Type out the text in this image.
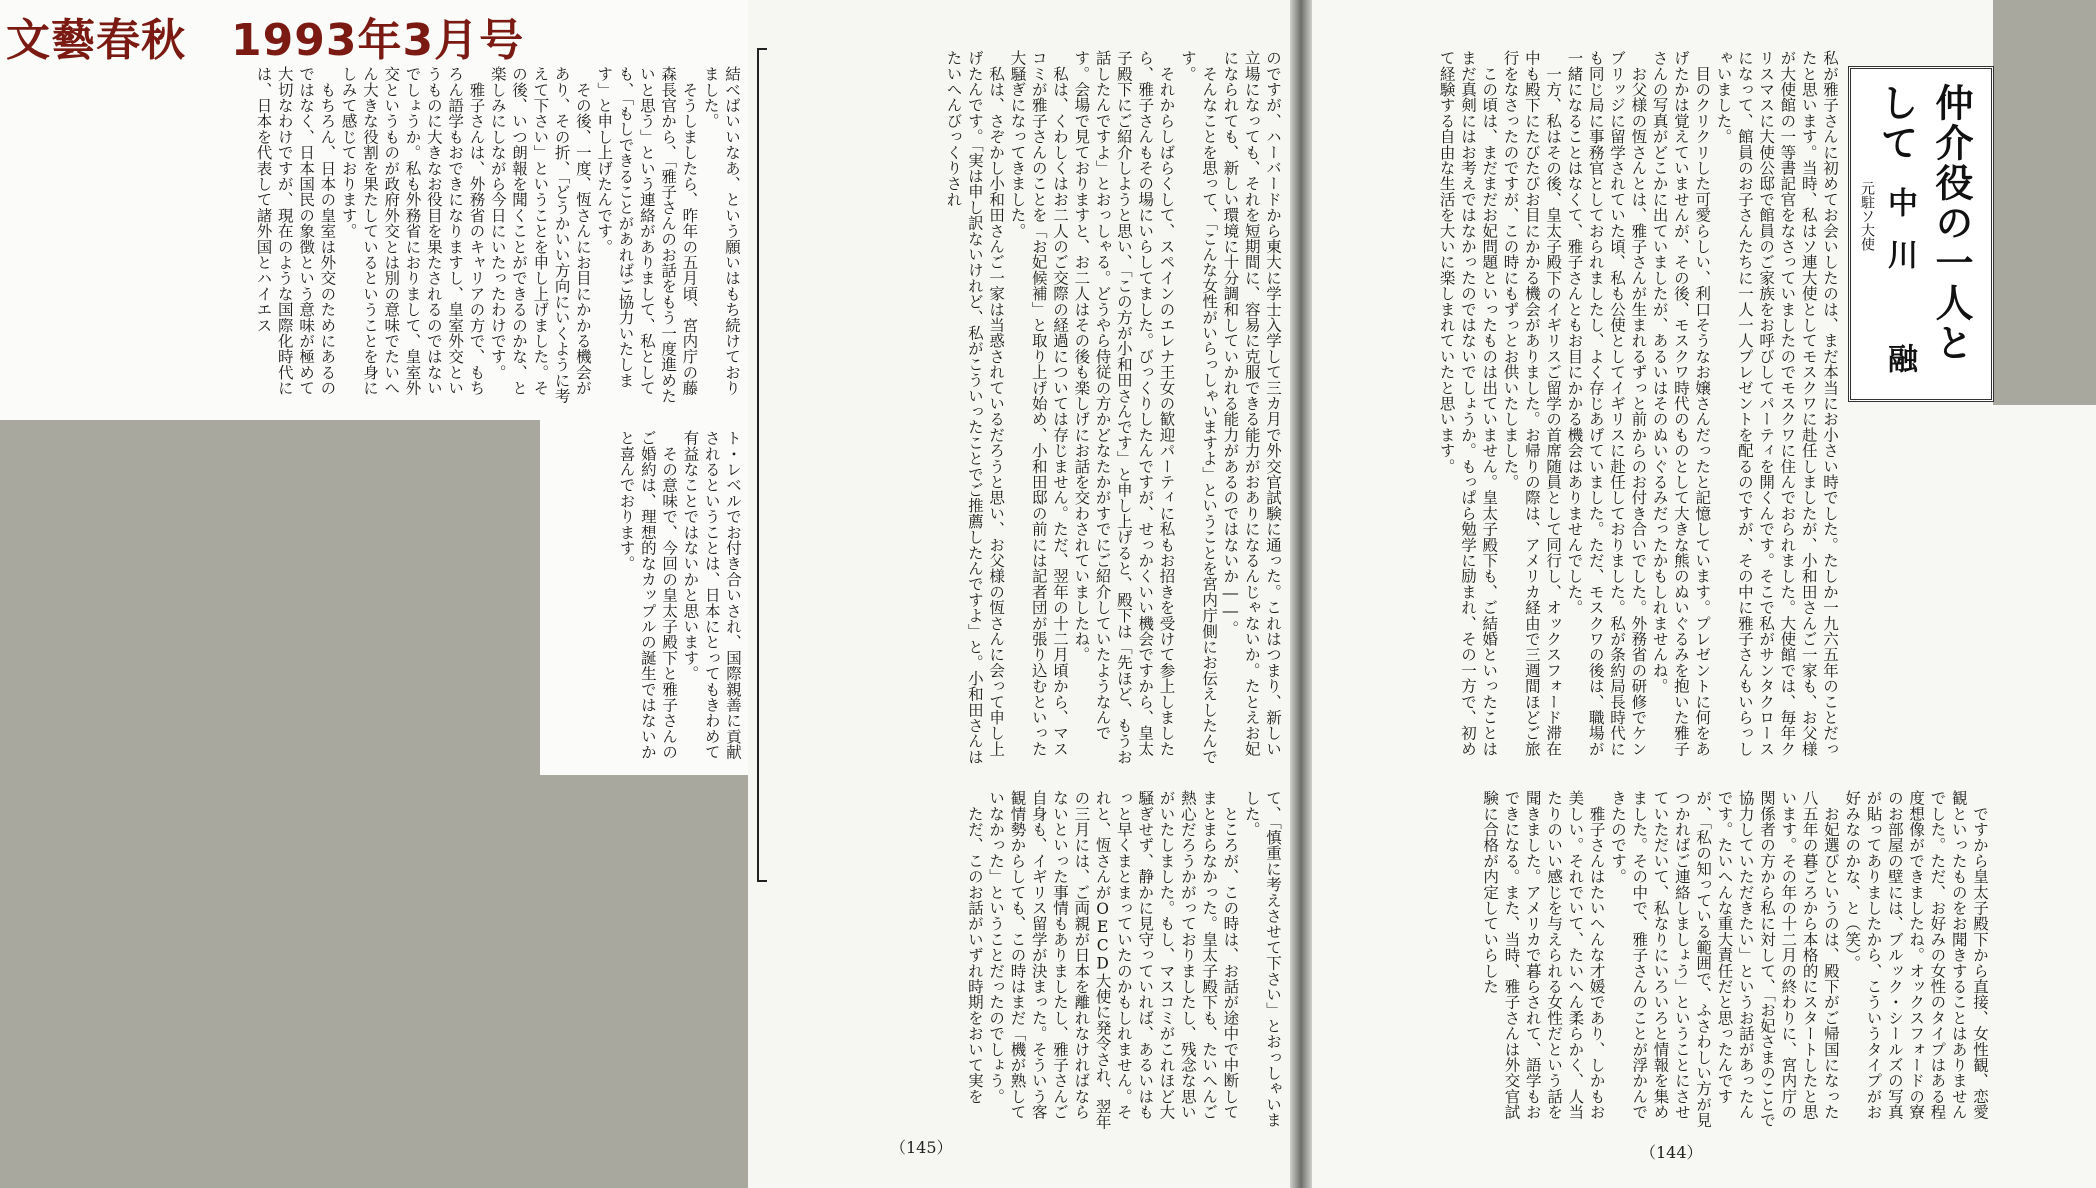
文藝春秋　1993年3月号
仲介役の一人として
中川　融
元駐ソ大使
私が雅子さんに初めてお会いしたのは、まだ本当にお小さい時でした。たしか一九六五年のことだったと思います。当時、私はソ連大使としてモスクワに赴任しましたが、小和田さんご一家も、お父様が大使館の一等書記官をなさっていましたのでモスクワに住んでおられました。大使館では、毎年クリスマスに大使公邸で館員のご家族をお呼びしてパーティを開くんです。そこで私がサンタクロースになって、館員のお子さんたちに一人一人プレゼントを配るのですが、その中に雅子さんもいらっしゃいました。
　目のクリクリした可愛らしい、利口そうなお嬢さんだったと記憶しています。プレゼントに何をあげたかは覚えていませんが、その後、モスクワ時代のものとして大きな熊のぬいぐるみを抱いた雅子さんの写真がどこかに出ていましたが、あるいはそのぬいぐるみだったかもしれませんね。
　お父様の恆さんとは、雅子さんが生まれるずっと前からのお付き合いでした。外務省の研修でケンブリッジに留学されていた頃、私も公使としてイギリスに赴任しておりました。私が条約局長時代にも同じ局に事務官としておられましたし、よく存じあげていました。ただ、モスクワの後は、職場が一緒になることはなくて、雅子さんともお目にかかる機会はありませんでした。
　一方、私はその後、皇太子殿下のイギリスご留学の首席随員として同行し、オックスフォード滞在中も殿下にたびたびお目にかかる機会がありました。お帰りの際は、アメリカ経由で三週間ほどご旅行をなさったのですが、この時にもずっとお供いたしました。
　この頃は、まだまだお妃問題といったものは出ていません。皇太子殿下も、ご結婚といったことはまだ真剣にはお考えではなかったのではないでしょうか。もっぱら勉学に励まれ、その一方で、初めて経験する自由な生活を大いに楽しまれていたと思います。
　ですから皇太子殿下から直接、女性観、恋愛観といったものをお聞きすることはありませんでした。ただ、お好みの女性のタイプはある程度想像ができましたね。オックスフォードの寮のお部屋の壁には、ブルック・シールズの写真が貼ってありましたから、こういうタイプがお好みなのかな、と（笑）。
　お妃選びというのは、殿下がご帰国になった八五年の暮ごろから本格的にスタートしたと思います。その年の十二月の終わりに、宮内庁の関係者の方から私に対して、「お妃さまのことで協力していただきたい」というお話があったんです。たいへんな重大責任だと思ったんですが、「私の知っている範囲で、ふさわしい方が見つかればご連絡しましょう」ということにさせていただいて、私なりにいろいろと情報を集めました。その中で、雅子さんのことが浮かんできたのです。
　雅子さんはたいへんな才媛であり、しかもお美しい。それでいて、たいへん柔らかく、人当たりのいい感じを与えられる女性だという話を聞きました。アメリカで暮らされて、語学もおできになる。また、当時、雅子さんは外交官試験に合格が内定していらした
のですが、ハーバードから東大に学士入学して三カ月で外交官試験に通った。これはつまり、新しい立場になっても、それを短期間に、容易に克服できる能力がおありになるんじゃないか。たとえお妃になられても、新しい環境に十分調和していかれる能力があるのではないか――。
　そんなことを思って、「こんな女性がいらっしゃいますよ」ということを宮内庁側にお伝えしたんです。
　それからしばらくして、スペインのエレナ王女の歓迎パーティに私もお招きを受けて参上しましたら、雅子さんもその場にいらしてました。びっくりしたんですが、せっかくいい機会ですから、皇太子殿下にご紹介しようと思い、「この方が小和田さんです」と申し上げると、殿下は「先ほど、もうお話したんですよ」とおっしゃる。どうやら侍従の方かどなたかがすでにご紹介していたようなんです。会場で見ておりますと、お二人はその後も楽しげにお話を交わされていましたね。
　私は、くわしくはお二人のご交際の経過については存じません。ただ、翌年の十二月頃から、マスコミが雅子さんのことを「お妃候補」と取り上げ始め、小和田邸の前には記者団が張り込むといった大騒ぎになってきました。
　私は、さぞかし小和田さんご一家は当惑されているだろうと思い、お父様の恆さんに会って申し上げたんです。「実は申し訳ないけれど、私がこういったことでご推薦したんですよ」と。小和田さんはたいへんびっくりされ
て、「慎重に考えさせて下さい」とおっしゃいました。
　ところが、この時は、お話が途中で中断してまとまらなかった。皇太子殿下も、たいへんご熱心だろうかがっておりましたし、残念な思いがいたしました。もし、マスコミがこれほど大騒ぎせず、静かに見守っていれば、あるいはもっと早くまとまっていたのかもしれません。それと、恆さんがOECD大使に発令され、翌年の三月には、ご両親が日本を離れなければならないといった事情もありましたし、雅子さんご自身も、イギリス留学が決まった。そういう客観情勢からしても、この時はまだ「機が熟していなかった」ということだったのでしょう。
　ただ、このお話がいずれ時期をおいて実を
結べばいいなあ、という願いはもち続けておりました。
　そうしましたら、昨年の五月頃、宮内庁の藤森長官から、「雅子さんのお話をもう一度進めたいと思う」という連絡がありまして、私としても、「もしできることがあればご協力いたします」と申し上げたんです。
　その後、一度、恆さんにお目にかかる機会があり、その折、「どうかいい方向にいくように考えて下さい」ということを申し上げました。その後、いつ朗報を聞くことができるのかな、と楽しみにしながら今日にいたったわけです。
　雅子さんは、外務省のキャリアの方で、もちろん語学もおできになりますし、皇室外交というものに大きなお役目を果たされるのではないでしょうか。私も外務省におりまして、皇室外交というものが政府外交とは別の意味でたいへん大きな役割を果たしているということを身にしみて感じております。
　もちろん、日本の皇室は外交のためにあるのではなく、日本国民の象徴という意味が極めて大切なわけですが、現在のような国際化時代には、日本を代表して諸外国とハイエス
ト・レベルでお付き合いされ、国際親善に貢献されるということは、日本にとってもきわめて有益なことではないかと思います。
　その意味で、今回の皇太子殿下と雅子さんのご婚約は、理想的なカップルの誕生ではないかと喜んでおります。
（144）
（145）
